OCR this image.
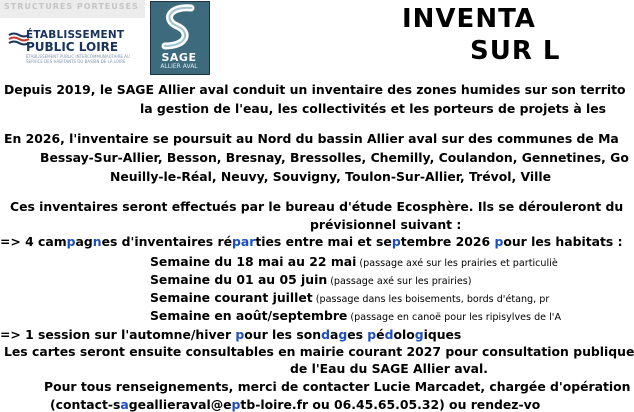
STRUCTURES PORTEUSES
ÉTABLISSEMENT
PUBLIC LOIRE
ÉTABLISSEMENT PUBLIC INTERCOMMUNAUTAIRE AU SERVICE DES HABITANTS DU BASSIN DE LA LOIRE	SAGE
ALLIER AVAL
INVENTA
SUR L
Depuis 2019, le SAGE Allier aval conduit un inventaire des zones humides sur son territo
la gestion de l'eau, les collectivités et les porteurs de projets à les
En 2026, l'inventaire se poursuit au Nord du bassin Allier aval sur des communes de Ma
Bessay-Sur-Allier, Besson, Bresnay, Bressolles, Chemilly, Coulandon, Gennetines, Go
Neuilly-le-Réal, Neuvy, Souvigny, Toulon-Sur-Allier, Trévol, Ville
Ces inventaires seront effectués par le bureau d'étude Ecosphère. Ils se dérouleront du
prévisionnel suivant :
=> 4 campagnes d'inventaires réparties entre mai et septembre 2026 pour les habitats :
Semaine du 18 mai au 22 mai (passage axé sur les prairies et particuliè
Semaine du 01 au 05 juin (passage axé sur les prairies)
Semaine courant juillet (passage dans les boisements, bords d'étang, pr
Semaine en août/septembre (passage en canoë pour les ripisylves de l'A
=> 1 session sur l'automne/hiver pour les sondages pédologiques
Les cartes seront ensuite consultables en mairie courant 2027 pour consultation publique
de l'Eau du SAGE Allier aval.
Pour tous renseignements, merci de contacter Lucie Marcadet, chargée d'opération
(contact-sageallieraval@eptb-loire.fr ou 06.45.65.05.32) ou rendez-vo
